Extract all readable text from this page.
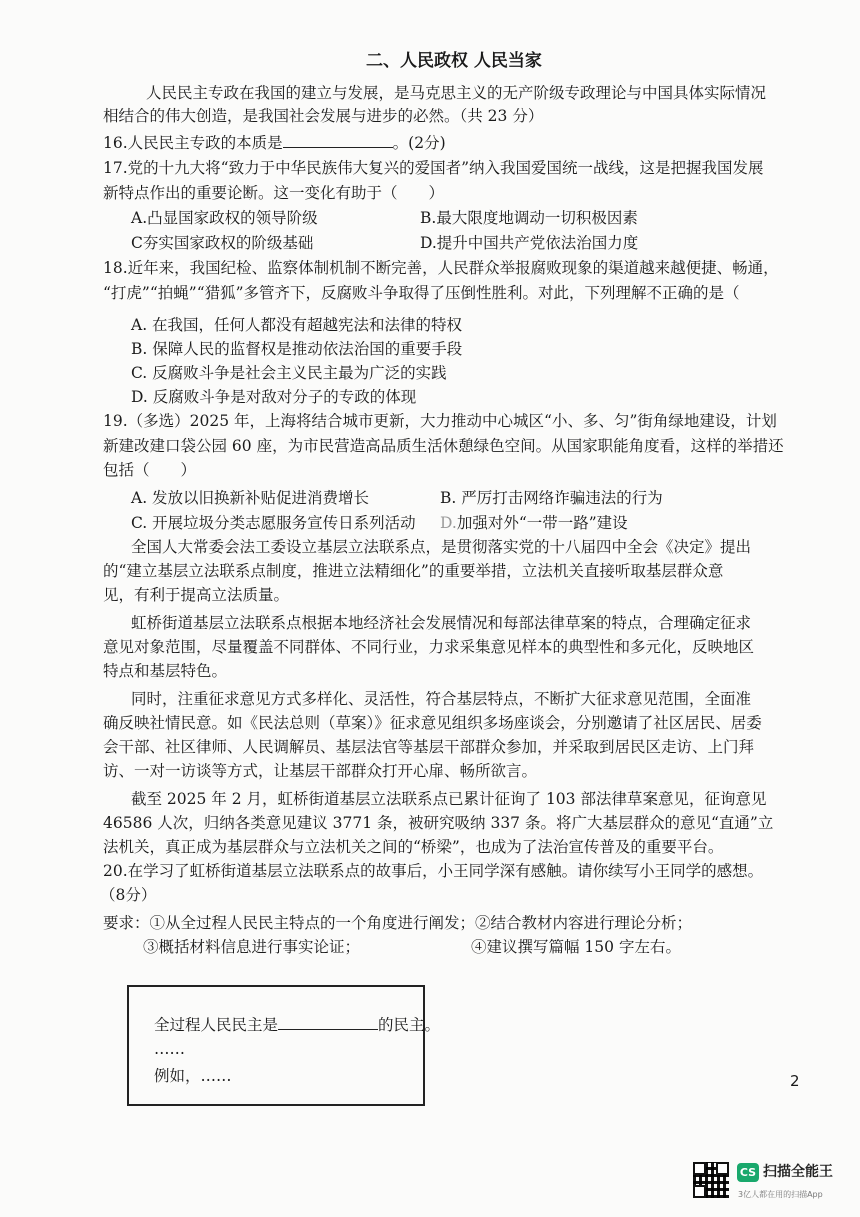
二、人民政权 人民当家
人民民主专政在我国的建立与发展，是马克思主义的无产阶级专政理论与中国具体实际情况
相结合的伟大创造，是我国社会发展与进步的必然。（共 23 分）
16.人民民主专政的本质是	。(2分)
17.党的十九大将“致力于中华民族伟大复兴的爱国者”纳入我国爱国统一战线，这是把握我国发展
新特点作出的重要论断。这一变化有助于（　　）
A.凸显国家政权的领导阶级	B.最大限度地调动一切积极因素
C夯实国家政权的阶级基础	D.提升中国共产党依法治国力度
18.近年来，我国纪检、监察体制机制不断完善，人民群众举报腐败现象的渠道越来越便捷、畅通，
“打虎”“拍蝇”“猎狐”多管齐下，反腐败斗争取得了压倒性胜利。对此，下列理解不正确的是（
A. 在我国，任何人都没有超越宪法和法律的特权
B. 保障人民的监督权是推动依法治国的重要手段
C. 反腐败斗争是社会主义民主最为广泛的实践
D. 反腐败斗争是对敌对分子的专政的体现
19.（多选）2025 年，上海将结合城市更新，大力推动中心城区“小、多、匀”街角绿地建设，计划
新建改建口袋公园 60 座，为市民营造高品质生活休憩绿色空间。从国家职能角度看，这样的举措还
包括（　　）
A. 发放以旧换新补贴促进消费增长	B. 严厉打击网络诈骗违法的行为
C. 开展垃圾分类志愿服务宣传日系列活动 D.加强对外“一带一路”建设
全国人大常委会法工委设立基层立法联系点，是贯彻落实党的十八届四中全会《决定》提出
的“建立基层立法联系点制度，推进立法精细化”的重要举措，立法机关直接听取基层群众意
见，有利于提高立法质量。
虹桥街道基层立法联系点根据本地经济社会发展情况和每部法律草案的特点，合理确定征求
意见对象范围，尽量覆盖不同群体、不同行业，力求采集意见样本的典型性和多元化，反映地区
特点和基层特色。
同时，注重征求意见方式多样化、灵活性，符合基层特点，不断扩大征求意见范围，全面准
确反映社情民意。如《民法总则（草案）》征求意见组织多场座谈会，分别邀请了社区居民、居委
会干部、社区律师、人民调解员、基层法官等基层干部群众参加，并采取到居民区走访、上门拜
访、一对一访谈等方式，让基层干部群众打开心扉、畅所欲言。
截至 2025 年 2 月，虹桥街道基层立法联系点已累计征询了 103 部法律草案意见，征询意见
46586 人次，归纳各类意见建议 3771 条，被研究吸纳 337 条。将广大基层群众的意见“直通”立
法机关，真正成为基层群众与立法机关之间的“桥梁”，也成为了法治宣传普及的重要平台。
20.在学习了虹桥街道基层立法联系点的故事后，小王同学深有感触。请你续写小王同学的感想。
（8分）
要求：①从全过程人民民主特点的一个角度进行阐发；②结合教材内容进行理论分析；
③概括材料信息进行事实论证；	④建议撰写篇幅 150 字左右。
全过程人民民主是	的民主。
……
例如，……	2
CS 扫描全能王
3亿人都在用的扫描App
